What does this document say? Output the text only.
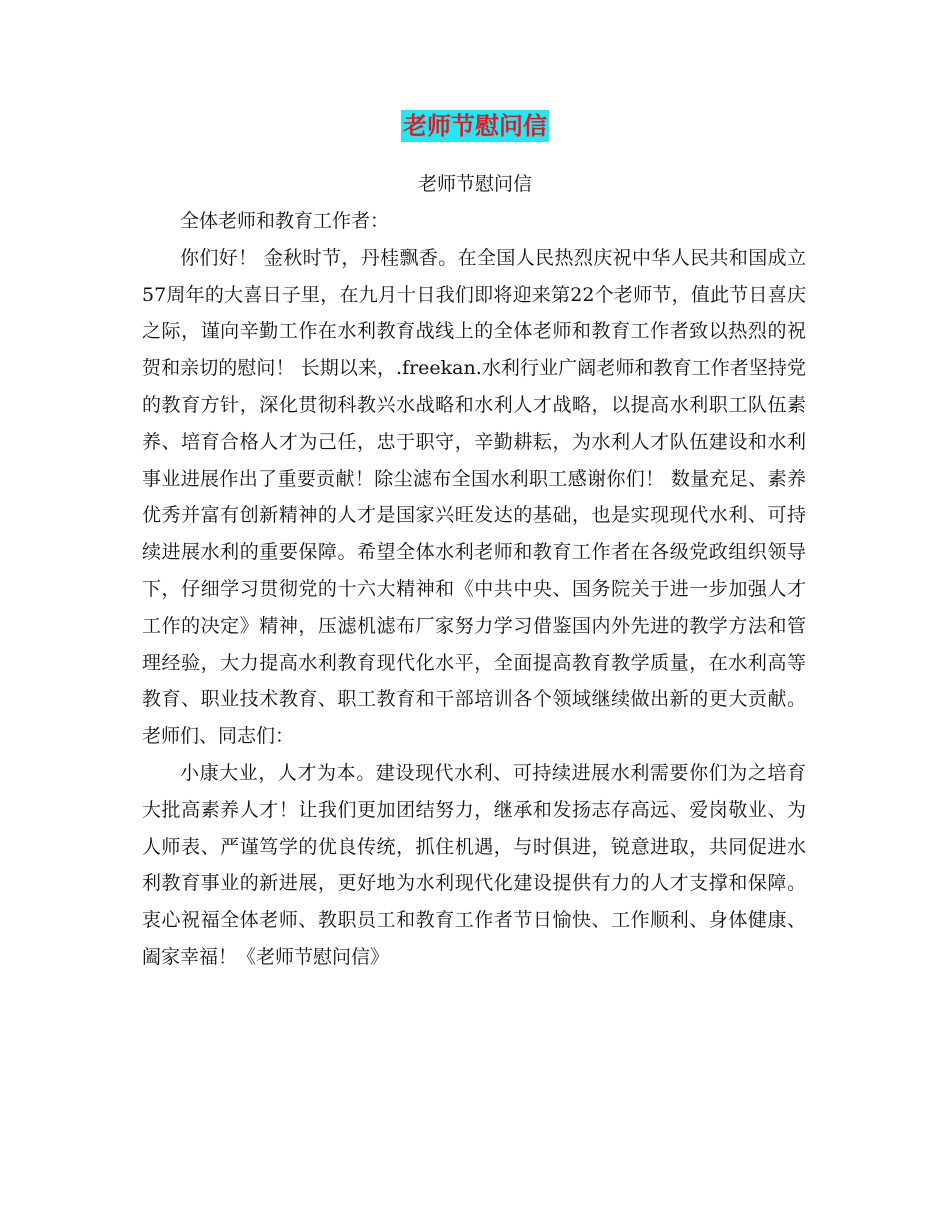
老师节慰问信
老师节慰问信

全体老师和教育工作者：

你们好！ 金秋时节，丹桂飘香。在全国人民热烈庆祝中华人民共和国成立57周年的大喜日子里，在九月十日我们即将迎来第22个老师节，值此节日喜庆之际，谨向辛勤工作在水利教育战线上的全体老师和教育工作者致以热烈的祝贺和亲切的慰问！ 长期以来，.freekan.水利行业广阔老师和教育工作者坚持党的教育方针，深化贯彻科教兴水战略和水利人才战略，以提高水利职工队伍素养、培育合格人才为己任，忠于职守，辛勤耕耘，为水利人才队伍建设和水利事业进展作出了重要贡献！除尘滤布全国水利职工感谢你们！ 数量充足、素养优秀并富有创新精神的人才是国家兴旺发达的基础，也是实现现代水利、可持续进展水利的重要保障。希望全体水利老师和教育工作者在各级党政组织领导下，仔细学习贯彻党的十六大精神和《中共中央、国务院关于进一步加强人才工作的决定》精神，压滤机滤布厂家努力学习借鉴国内外先进的教学方法和管理经验，大力提高水利教育现代化水平，全面提高教育教学质量，在水利高等教育、职业技术教育、职工教育和干部培训各个领域继续做出新的更大贡献。 老师们、同志们：

小康大业，人才为本。建设现代水利、可持续进展水利需要你们为之培育大批高素养人才！让我们更加团结努力，继承和发扬志存高远、爱岗敬业、为人师表、严谨笃学的优良传统，抓住机遇，与时俱进，锐意进取，共同促进水利教育事业的新进展，更好地为水利现代化建设提供有力的人才支撑和保障。 衷心祝福全体老师、教职员工和教育工作者节日愉快、工作顺利、身体健康、阖家幸福！《老师节慰问信》
